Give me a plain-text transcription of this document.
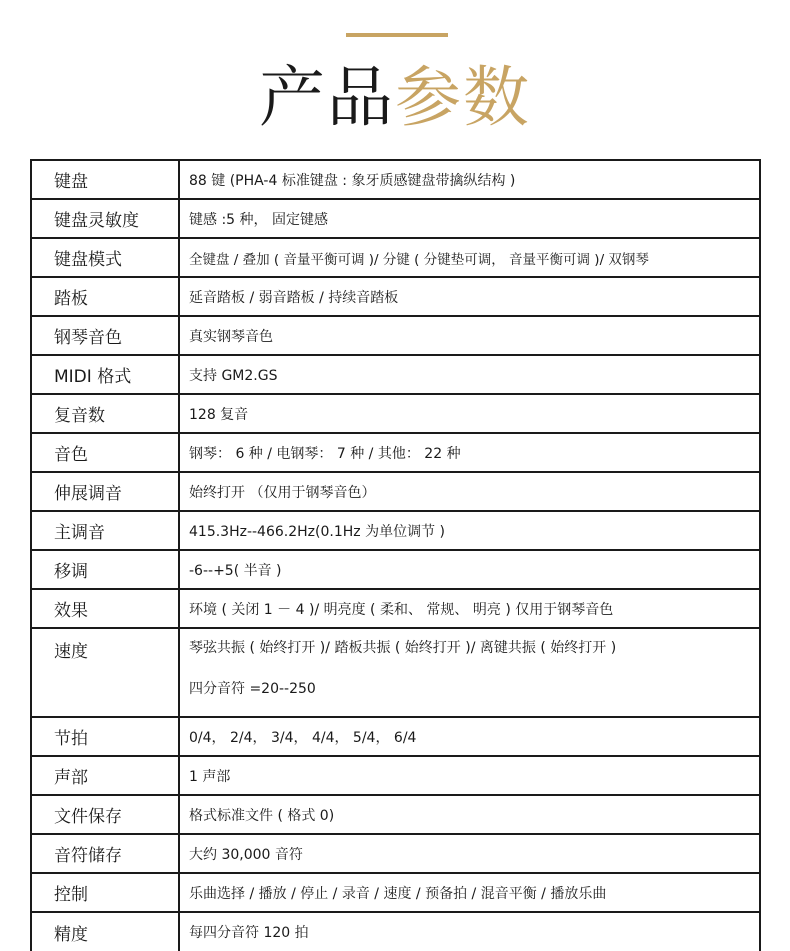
产品参数
键盘	88 键 (PHA-4 标准键盘 : 象牙质感键盘带擒纵结构 )
键盘灵敏度	键感 :5 种， 固定键感
键盘模式	全键盘 / 叠加 ( 音量平衡可调 )/ 分键 ( 分键垫可调， 音量平衡可调 )/ 双钢琴
踏板	延音踏板 / 弱音踏板 / 持续音踏板
钢琴音色	真实钢琴音色
MIDI 格式	支持 GM2.GS
复音数	128 复音
音色	钢琴： 6 种 / 电钢琴： 7 种 / 其他： 22 种
伸展调音	始终打开 （仅用于钢琴音色）
主调音	415.3Hz--466.2Hz(0.1Hz 为单位调节 )
移调	-6--+5( 半音 )
效果	环境 ( 关闭 1 － 4 )/ 明亮度 ( 柔和、 常规、 明亮 ) 仅用于钢琴音色
速度	琴弦共振 ( 始终打开 )/ 踏板共振 ( 始终打开 )/ 离键共振 ( 始终打开 )
四分音符 =20--250

节拍	0/4， 2/4， 3/4， 4/4， 5/4， 6/4
声部	1 声部
文件保存	格式标准文件 ( 格式 0)
音符储存	大约 30,000 音符
控制	乐曲选择 / 播放 / 停止 / 录音 / 速度 / 预备拍 / 混音平衡 / 播放乐曲
精度	每四分音符 120 拍
